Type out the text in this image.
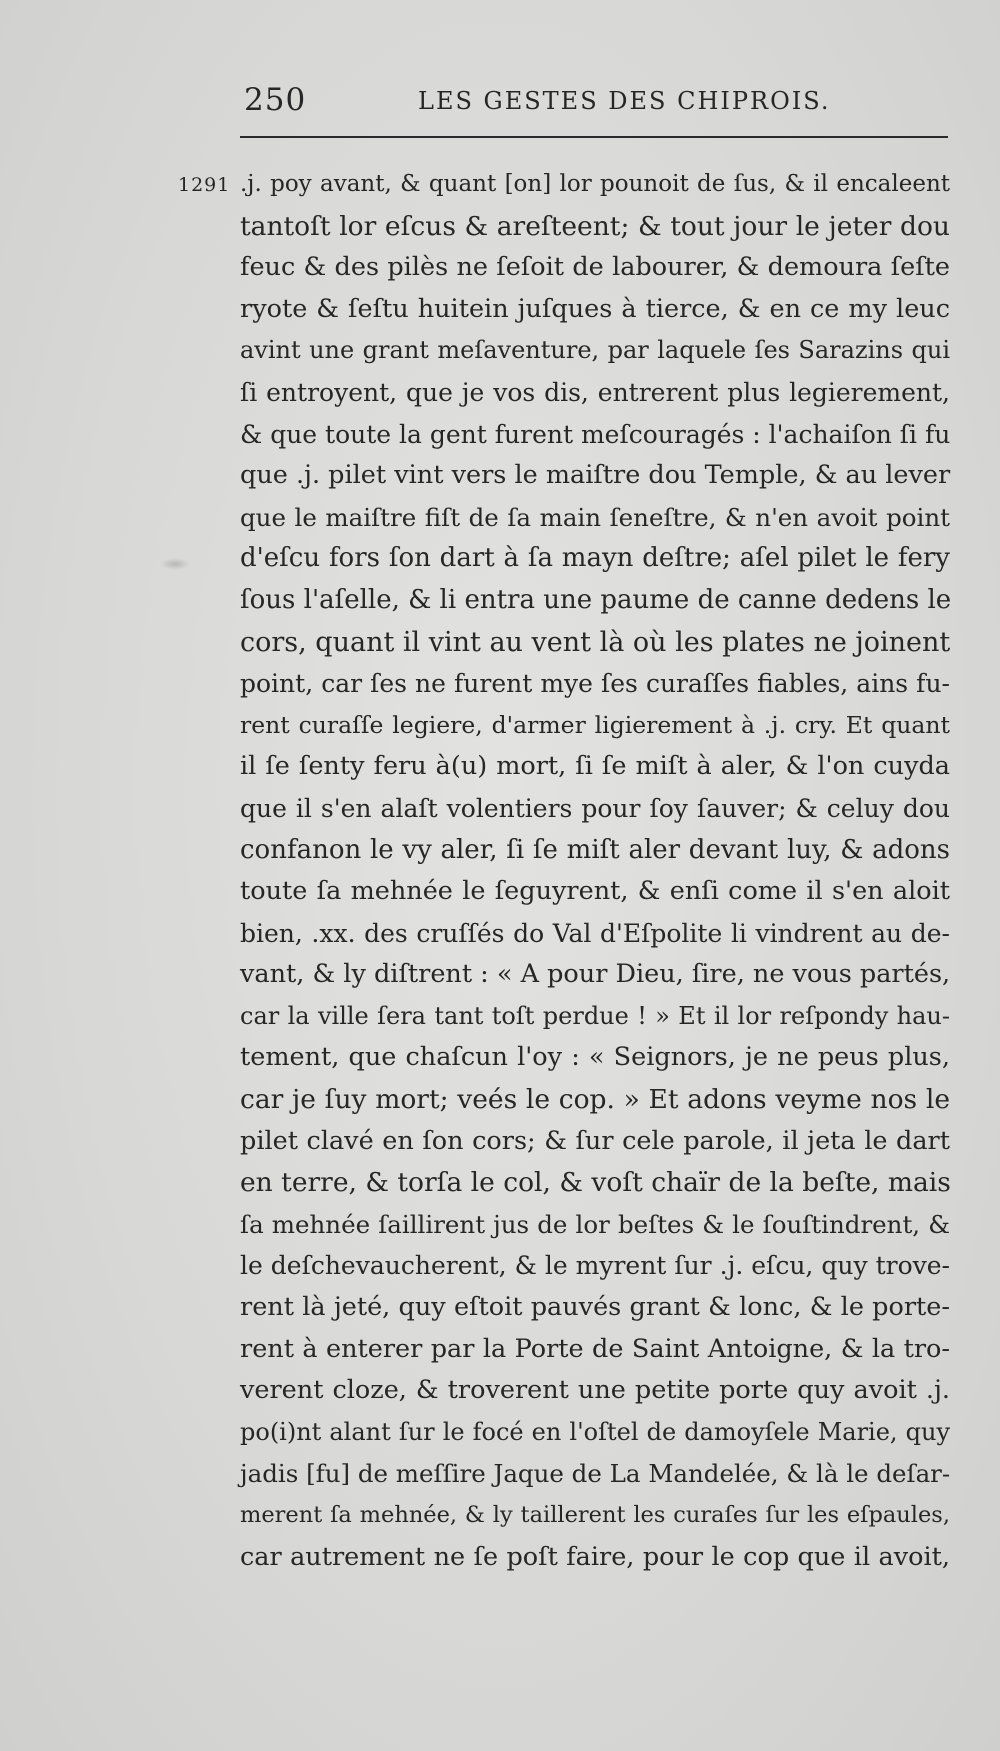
250	LES GESTES DES CHIPROIS.
1291 .j. poy avant, & quant [on] lor pounoit de ſus, & il encaleent
tantoſt lor eſcus & areſteent; & tout jour le jeter dou
feuc & des pilès ne ſeſoit de labourer, & demoura ſeſte
ryote & ſeſtu huitein juſques à tierce, & en ce my leuc
avint une grant meſaventure, par laquele ſes Sarazins qui
ſi entroyent, que je vos dis, entrerent plus legierement,
& que toute la gent furent meſcouragés : l'achaiſon ſi fu
que .j. pilet vint vers le maiſtre dou Temple, & au lever
que le maiſtre fiſt de ſa main ſeneſtre, & n'en avoit point
d'eſcu fors ſon dart à ſa mayn deſtre; aſel pilet le fery
ſous l'aſelle, & li entra une paume de canne dedens le
cors, quant il vint au vent là où les plates ne joinent
point, car ſes ne furent mye ſes curaſſes fiables, ains fu-
rent curaſſe legiere, d'armer ligierement à .j. cry. Et quant
il ſe ſenty feru à(u) mort, ſi ſe miſt à aler, & l'on cuyda
que il s'en alaſt volentiers pour ſoy ſauver; & celuy dou
confanon le vy aler, ſi ſe miſt aler devant luy, & adons
toute ſa mehnée le ſeguyrent, & enſi come il s'en aloit
bien, .xx. des cruſſés do Val d'Eſpolite li vindrent au de-
vant, & ly diſtrent : « A pour Dieu, ſire, ne vous partés,
car la ville ſera tant toſt perdue ! » Et il lor reſpondy hau-
tement, que chaſcun l'oy : « Seignors, je ne peus plus,
car je ſuy mort; veés le cop. » Et adons veyme nos le
pilet clavé en ſon cors; & ſur cele parole, il jeta le dart
en terre, & torſa le col, & voſt chaïr de la beſte, mais
ſa mehnée ſaillirent jus de lor beſtes & le ſouſtindrent, &
le deſchevaucherent, & le myrent ſur .j. eſcu, quy trove-
rent là jeté, quy eſtoit pauvés grant & lonc, & le porte-
rent à enterer par la Porte de Saint Antoigne, & la tro-
verent cloze, & troverent une petite porte quy avoit .j.
po(i)nt alant ſur le focé en l'oſtel de damoyſele Marie, quy
jadis [fu] de meſſire Jaque de La Mandelée, & là le deſar-
merent ſa mehnée, & ly taillerent les curaſes ſur les eſpaules,
car autrement ne ſe poſt faire, pour le cop que il avoit,
